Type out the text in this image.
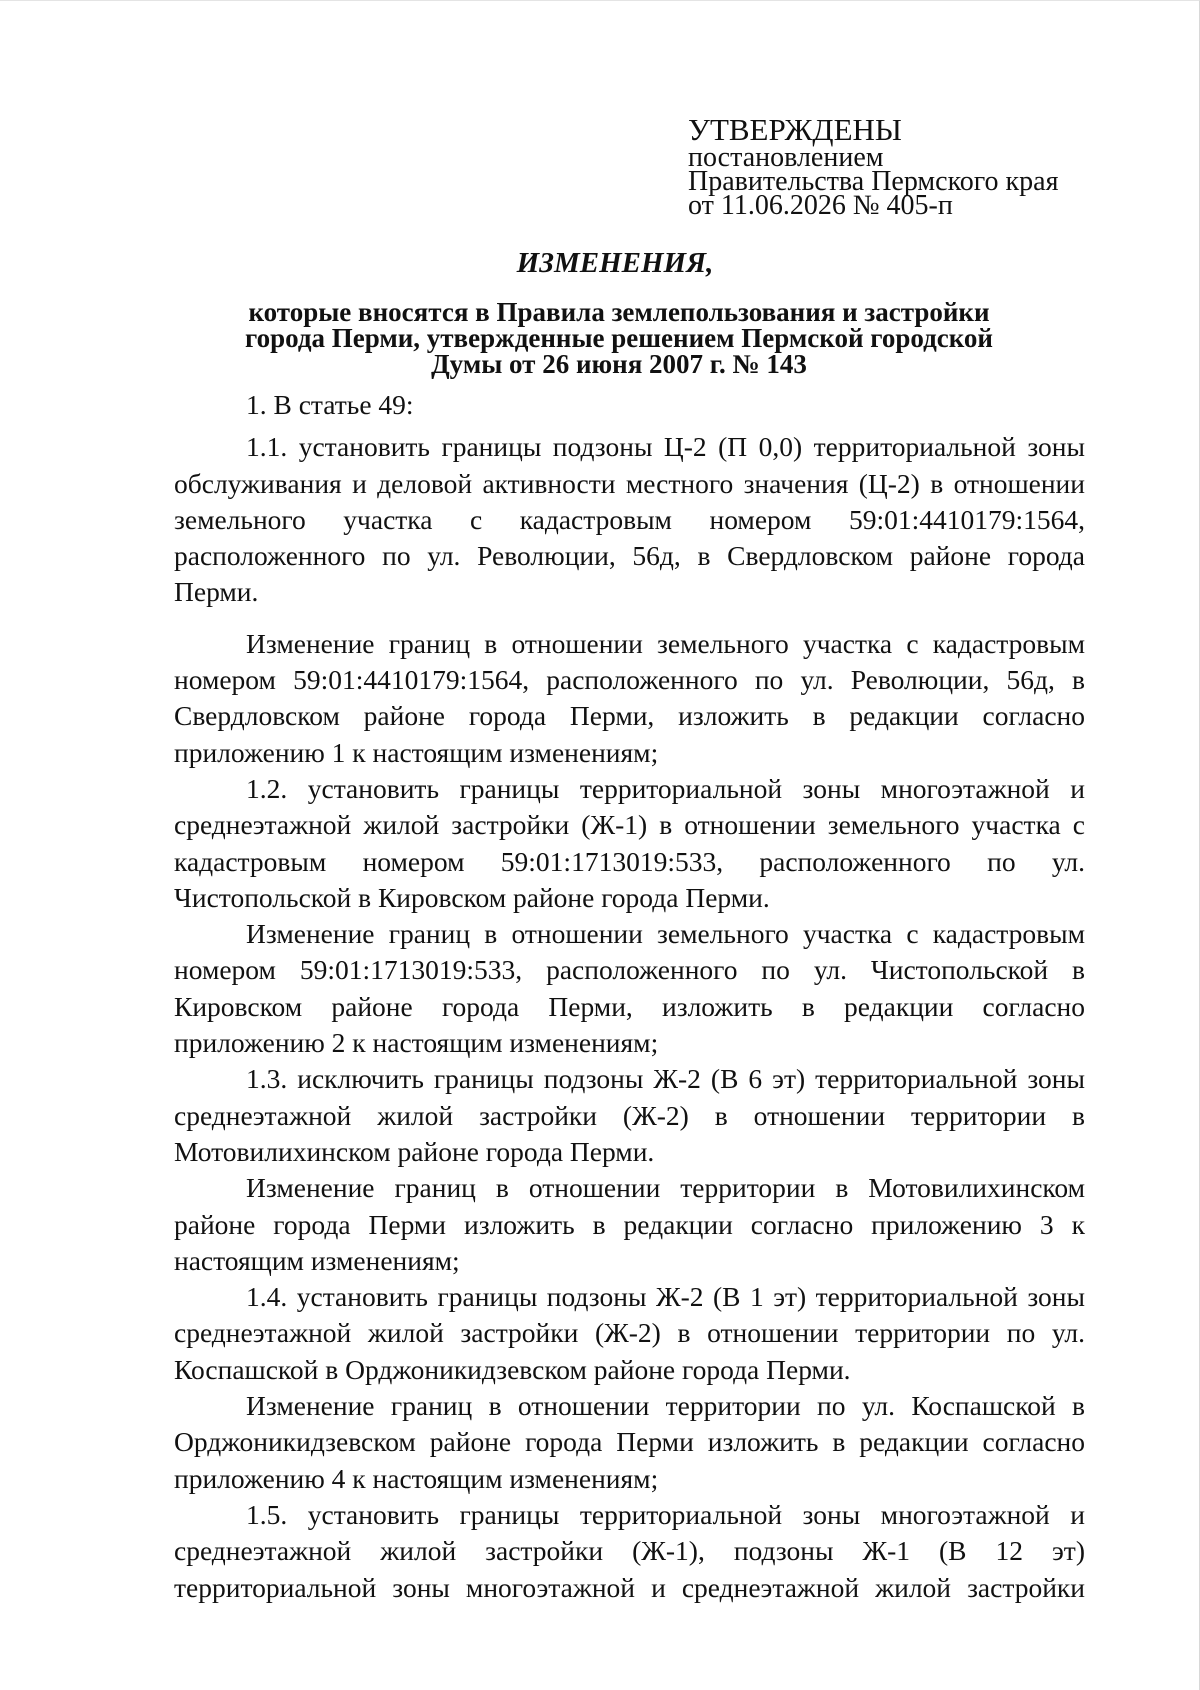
УТВЕРЖДЕНЫ
постановлением
Правительства Пермского края
от 11.06.2026 № 405-п
ИЗМЕНЕНИЯ,
которые вносятся в Правила землепользования и застройки
города Перми, утвержденные решением Пермской городской
Думы от 26 июня 2007 г. № 143

1. В статье 49:

1.1. установить границы подзоны Ц-2 (П 0,0) территориальной зоны обслуживания и деловой активности местного значения (Ц-2) в отношении земельного участка с кадастровым номером 59:01:4410179:1564, расположенного по ул. Революции, 56д, в Свердловском районе города Перми.

Изменение границ в отношении земельного участка с кадастровым номером 59:01:4410179:1564, расположенного по ул. Революции, 56д, в Свердловском районе города Перми, изложить в редакции согласно приложению 1 к настоящим изменениям;

1.2. установить границы территориальной зоны многоэтажной и среднеэтажной жилой застройки (Ж-1) в отношении земельного участка с кадастровым номером 59:01:1713019:533, расположенного по ул. Чистопольской в Кировском районе города Перми.

Изменение границ в отношении земельного участка с кадастровым номером 59:01:1713019:533, расположенного по ул. Чистопольской в Кировском районе города Перми, изложить в редакции согласно приложению 2 к настоящим изменениям;

1.3. исключить границы подзоны Ж-2 (В 6 эт) территориальной зоны среднеэтажной жилой застройки (Ж-2) в отношении территории в Мотовилихинском районе города Перми.

Изменение границ в отношении территории в Мотовилихинском районе города Перми изложить в редакции согласно приложению 3 к настоящим изменениям;

1.4. установить границы подзоны Ж-2 (В 1 эт) территориальной зоны среднеэтажной жилой застройки (Ж-2) в отношении территории по ул. Коспашской в Орджоникидзевском районе города Перми.

Изменение границ в отношении территории по ул. Коспашской в Орджоникидзевском районе города Перми изложить в редакции согласно приложению 4 к настоящим изменениям;

1.5. установить границы территориальной зоны многоэтажной и среднеэтажной жилой застройки (Ж-1), подзоны Ж-1 (В 12 эт) территориальной зоны многоэтажной и среднеэтажной жилой застройки
